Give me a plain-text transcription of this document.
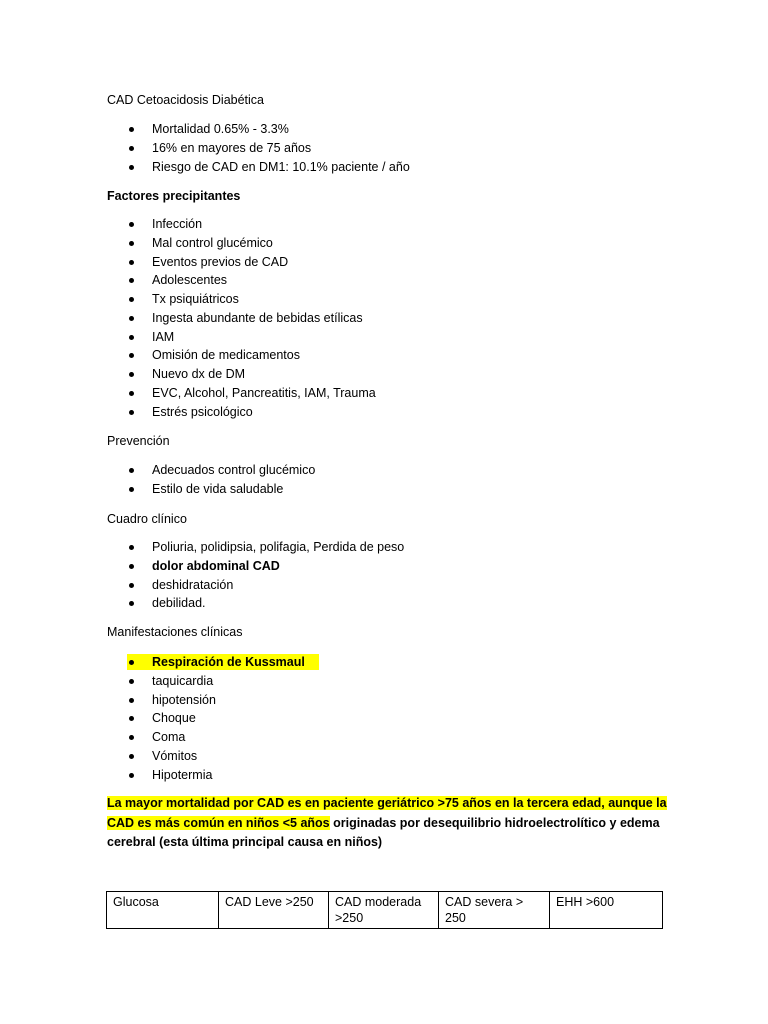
CAD Cetoacidosis Diabética

Mortalidad 0.65% - 3.3%
16% en mayores de 75 años
Riesgo de CAD en DM1: 10.1% paciente / año

Factores precipitantes

Infección
Mal control glucémico
Eventos previos de CAD
Adolescentes
Tx psiquiátricos
Ingesta abundante de bebidas etílicas
IAM
Omisión de medicamentos
Nuevo dx de DM
EVC, Alcohol, Pancreatitis, IAM, Trauma
Estrés psicológico

Prevención

Adecuados control glucémico
Estilo de vida saludable

Cuadro clínico

Poliuria, polidipsia, polifagia, Perdida de peso
dolor abdominal CAD
deshidratación
debilidad.

Manifestaciones clínicas

Respiración de Kussmaul
taquicardia
hipotensión
Choque
Coma
Vómitos
Hipotermia

La mayor mortalidad por CAD es en paciente geriátrico >75 años en la tercera edad, aunque la
CAD es más común en niños <5 años originadas por desequilibrio hidroelectrolítico y edema
cerebral (esta última principal causa en niños)

Glucosa	CAD Leve >250	CAD moderada >250	CAD severa > 250	EHH >600
